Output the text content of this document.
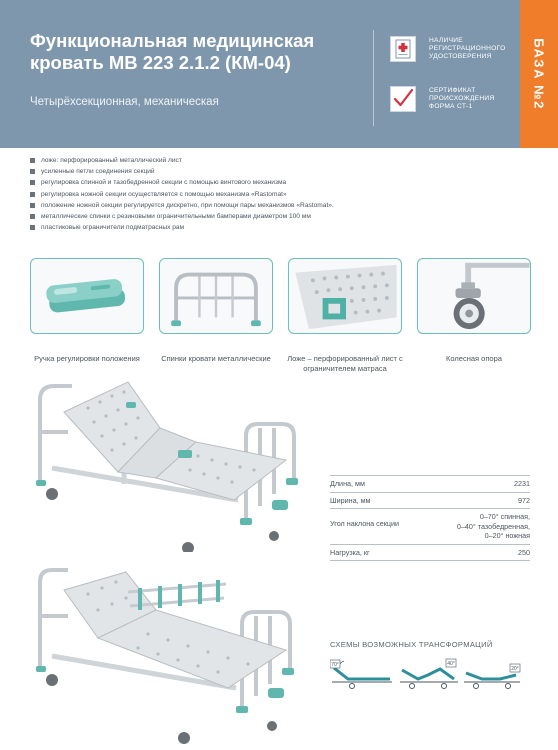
БАЗА №2
Функциональная медицинская кровать МВ 223 2.1.2 (КМ-04)
Четырёхсекционная, механическая
НАЛИЧИЕ РЕГИСТРАЦИОННОГО УДОСТОВЕРЕНИЯ
СЕРТИФИКАТ ПРОИСХОЖДЕНИЯ ФОРМА СТ-1
ложе: перфорированный металлический лист
усиленные петли соединения секций
регулировка спинной и тазобедренной секции с помощью винтового механизма
регулировка ножной секции осуществляется с помощью механизма «Rastomat»
положение ножной секции регулируется дискретно, при помощи пары механизмов «Rastomat».
металлические спинки с резиновыми ограничительными бамперами диаметром 100 мм
пластиковые ограничители подматрасных рам
Ручка регулировки положения	Спинки кровати металлические	Ложе – перфорированный лист с ограничителем матраса
Колесная опора
Длина, мм	2231
Ширина, мм	972
Угол наклона секции	0–70° спинная,
0–40° тазобедренная,
0–20° ножная
Нагрузка, кг	250
СХЕМЫ ВОЗМОЖНЫХ ТРАНСФОРМАЦИЙ
70°	40°
20°
